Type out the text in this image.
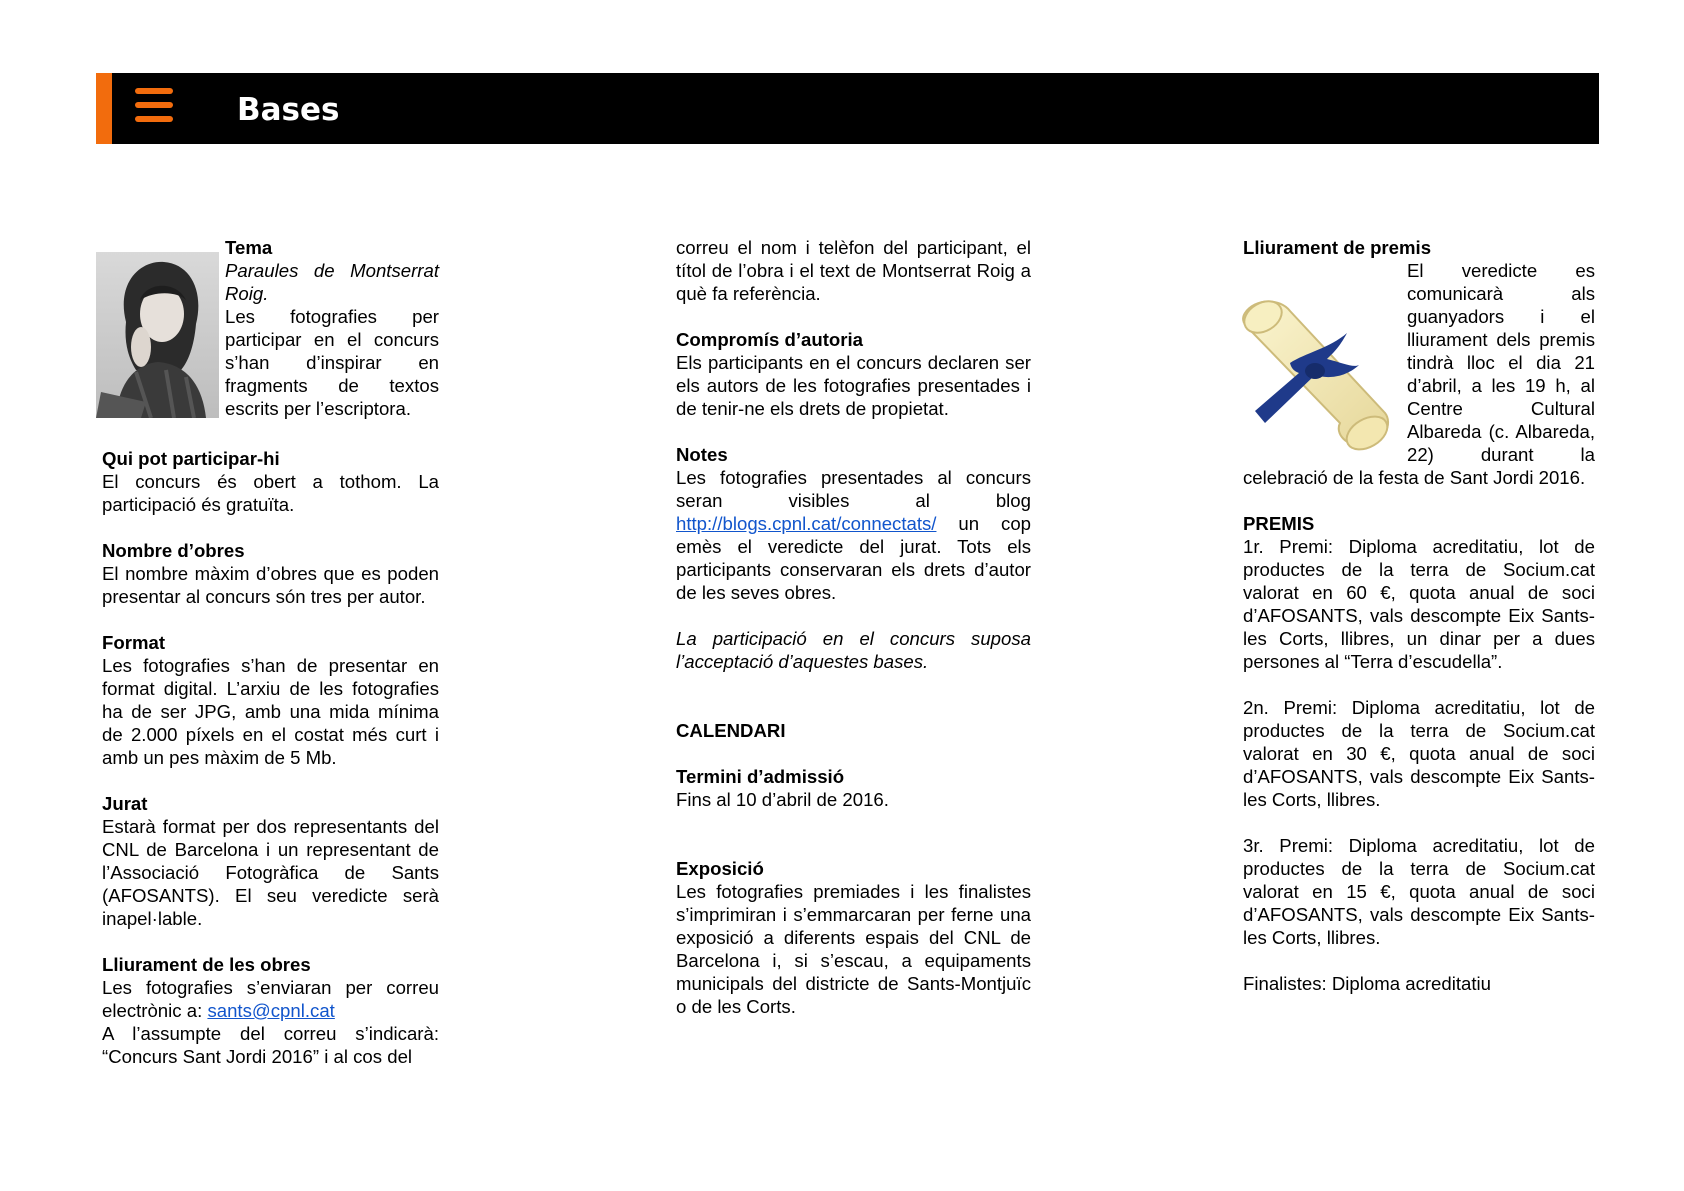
Bases

Tema

Paraules de Montserrat Roig.

Les fotografies per participar en el concurs s’han d’inspirar en fragments de textos escrits per l’escriptora.

Qui pot participar-hi

El concurs és obert a tothom. La participació és gratuïta.

Nombre d’obres

El nombre màxim d’obres que es poden presentar al concurs són tres per autor.

Format

Les fotografies s’han de presentar en format digital. L’arxiu de les fotografies ha de ser JPG, amb una mida mínima de 2.000 píxels en el costat més curt i amb un pes màxim de 5 Mb.

Jurat

Estarà format per dos representants del CNL de Barcelona i un representant de l’Associació Fotogràfica de Sants (AFOSANTS). El seu veredicte serà inapel·lable.

Lliurament de les obres

Les fotografies s’enviaran per correu electrònic a: sants@cpnl.cat

A l’assumpte del correu s’indicarà: “Concurs Sant Jordi 2016” i al cos del

correu el nom i telèfon del participant, el títol de l’obra i el text de Montserrat Roig a què fa referència.

Compromís d’autoria

Els participants en el concurs declaren ser els autors de les fotografies presentades i de tenir-ne els drets de propietat.

Notes

Les fotografies presentades al concurs seran visibles al blog http://blogs.cpnl.cat/connectats/ un cop emès el veredicte del jurat. Tots els participants conservaran els drets d’autor de les seves obres.

La participació en el concurs suposa l’acceptació d’aquestes bases.

CALENDARI

Termini d’admissió

Fins al 10 d’abril de 2016.

Exposició

Les fotografies premiades i les finalistes s’imprimiran i s’emmarcaran per ferne una exposició a diferents espais del CNL de Barcelona i, si s’escau, a equipaments municipals del districte de Sants-Montjuïc o de les Corts.

Lliurament de premis

El veredicte es comunicarà als guanyadors i el lliurament dels premis tindrà lloc el dia 21 d’abril, a les 19 h, al Centre Cultural Albareda (c. Albareda, 22) durant la celebració de la festa de Sant Jordi 2016.

PREMIS

1r. Premi: Diploma acreditatiu, lot de productes de la terra de Socium.cat valorat en 60 €, quota anual de soci d’AFOSANTS, vals descompte Eix Sants-les Corts, llibres, un dinar per a dues persones al “Terra d’escudella”.

2n. Premi: Diploma acreditatiu, lot de productes de la terra de Socium.cat valorat en 30 €, quota anual de soci d’AFOSANTS, vals descompte Eix Sants-les Corts, llibres.

3r. Premi: Diploma acreditatiu, lot de productes de la terra de Socium.cat valorat en 15 €, quota anual de soci d’AFOSANTS, vals descompte Eix Sants-les Corts, llibres.

Finalistes: Diploma acreditatiu
